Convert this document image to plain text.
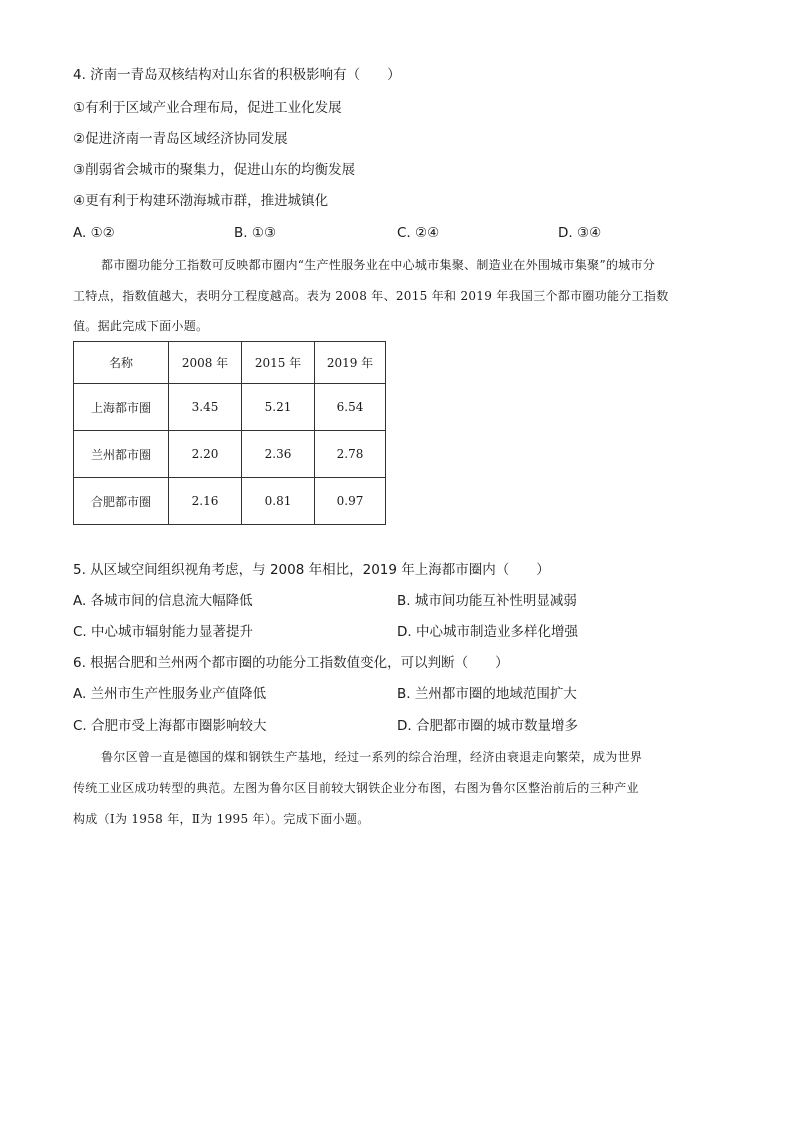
4. 济南一青岛双核结构对山东省的积极影响有（　　）
①有利于区域产业合理布局，促进工业化发展
②促进济南一青岛区域经济协同发展
③削弱省会城市的聚集力，促进山东的均衡发展
④更有利于构建环渤海城市群，推进城镇化
A. ①②	B. ①③	C. ②④	D. ③④
都市圈功能分工指数可反映都市圈内“生产性服务业在中心城市集聚、制造业在外围城市集聚”的城市分
工特点，指数值越大，表明分工程度越高。表为 2008 年、2015 年和 2019 年我国三个都市圈功能分工指数
值。据此完成下面小题。
名称	2008 年	2015 年	2019 年
上海都市圈	3.45	5.21	6.54
兰州都市圈	2.20	2.36	2.78
合肥都市圈	2.16	0.81	0.97
5. 从区域空间组织视角考虑，与 2008 年相比，2019 年上海都市圈内（　　）
A. 各城市间的信息流大幅降低	B. 城市间功能互补性明显减弱
C. 中心城市辐射能力显著提升	D. 中心城市制造业多样化增强
6. 根据合肥和兰州两个都市圈的功能分工指数值变化，可以判断（　　）
A. 兰州市生产性服务业产值降低	B. 兰州都市圈的地域范围扩大
C. 合肥市受上海都市圈影响较大	D. 合肥都市圈的城市数量增多
鲁尔区曾一直是德国的煤和钢铁生产基地，经过一系列的综合治理，经济由衰退走向繁荣，成为世界
传统工业区成功转型的典范。左图为鲁尔区目前较大钢铁企业分布图，右图为鲁尔区整治前后的三种产业
构成（Ⅰ为 1958 年，Ⅱ为 1995 年）。完成下面小题。
